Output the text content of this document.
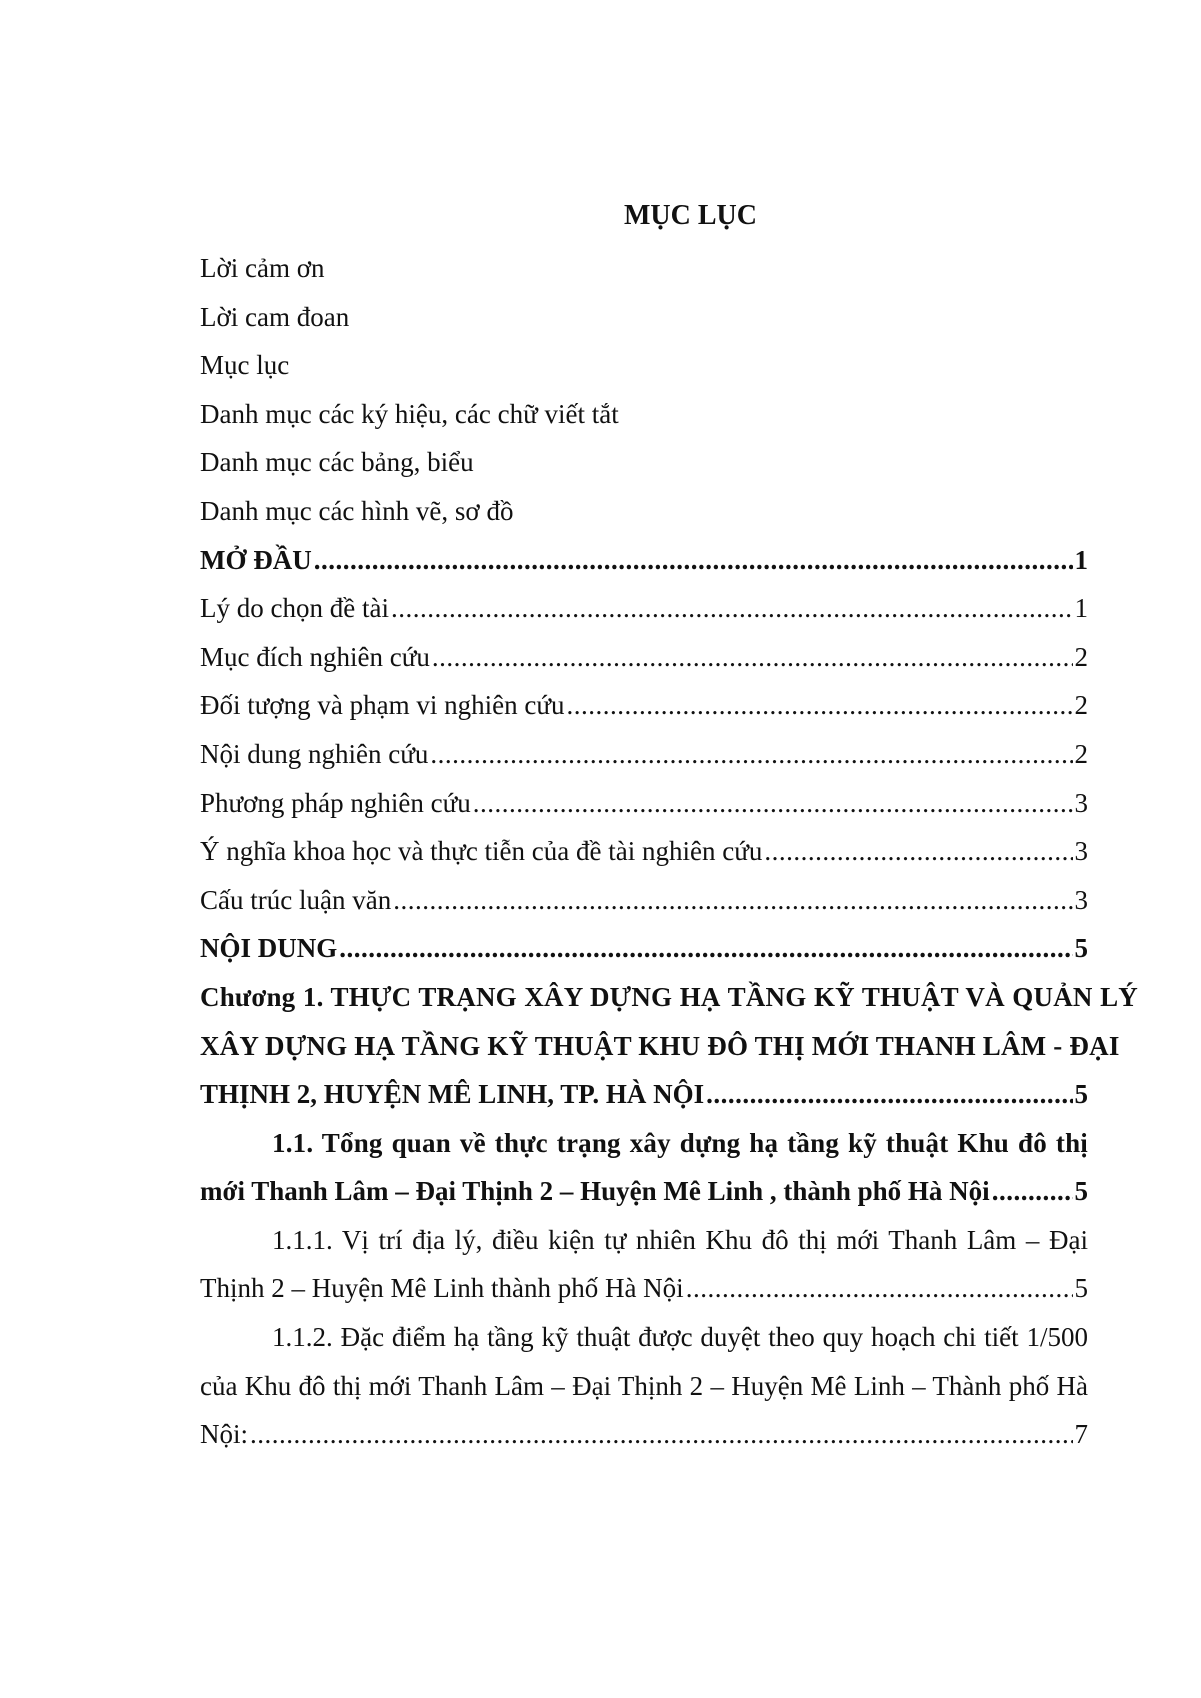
MỤC LỤC
Lời cảm ơn
Lời cam đoan
Mục lục
Danh mục các ký hiệu, các chữ viết tắt
Danh mục các bảng, biểu
Danh mục các hình vẽ, sơ đồ
MỞ ĐẦU .....	1
Lý do chọn đề tài .....	1
Mục đích nghiên cứu .....	2
Đối tượng và phạm vi nghiên cứu .....	2
Nội dung nghiên cứu .....	2
Phương pháp nghiên cứu .....	3
Ý nghĩa khoa học và thực tiễn của đề tài nghiên cứu .....	3
Cấu trúc luận văn .....	3
NỘI DUNG .....	5
Chương 1. THỰC TRẠNG XÂY DỰNG HẠ TẦNG KỸ THUẬT VÀ QUẢN LÝ
XÂY DỰNG HẠ TẦNG KỸ THUẬT KHU ĐÔ THỊ MỚI THANH LÂM - ĐẠI
THỊNH 2, HUYỆN MÊ LINH, TP. HÀ NỘI .....	5
1.1. Tổng quan về thực trạng xây dựng hạ tầng kỹ thuật Khu đô thị
mới Thanh Lâm – Đại Thịnh 2 – Huyện Mê Linh , thành phố Hà Nội .....	5
1.1.1. Vị trí địa lý, điều kiện tự nhiên Khu đô thị mới Thanh Lâm – Đại
Thịnh 2 – Huyện Mê Linh thành phố Hà Nội .....	5
1.1.2. Đặc điểm hạ tầng kỹ thuật được duyệt theo quy hoạch chi tiết 1/500
của Khu đô thị mới Thanh Lâm – Đại Thịnh 2 – Huyện Mê Linh – Thành phố Hà
Nội: .....	7
